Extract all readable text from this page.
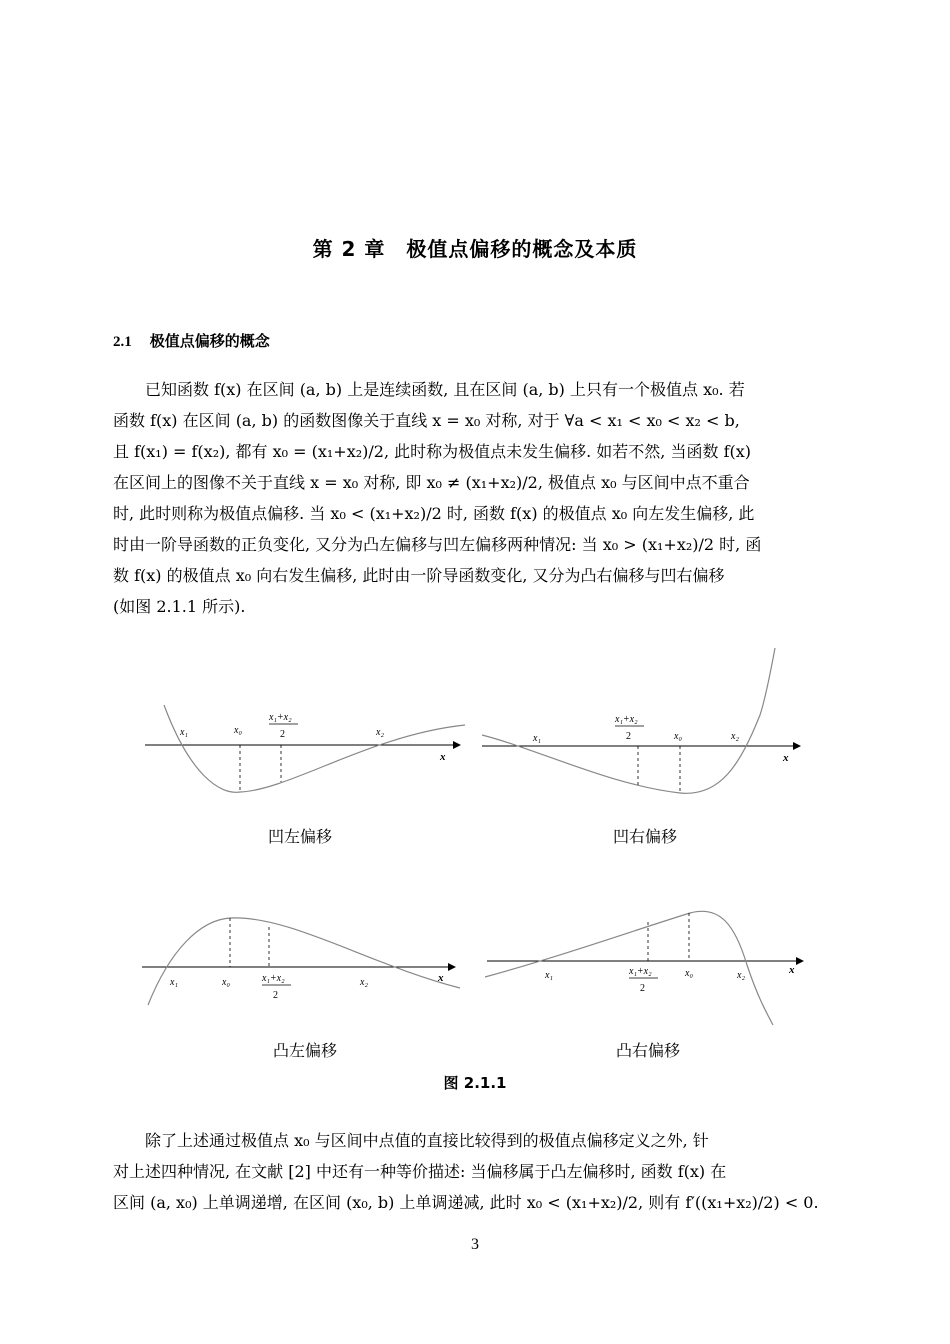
第 2 章　极值点偏移的概念及本质
2.1 极值点偏移的概念

　　已知函数 f(x) 在区间 (a, b) 上是连续函数, 且在区间 (a, b) 上只有一个极值点 x₀. 若

函数 f(x) 在区间 (a, b) 的函数图像关于直线 x = x₀ 对称, 对于 ∀a < x₁ < x₀ < x₂ < b,

且 f(x₁) = f(x₂), 都有 x₀ = (x₁+x₂)/2, 此时称为极值点未发生偏移. 如若不然, 当函数 f(x)

在区间上的图像不关于直线 x = x₀ 对称, 即 x₀ ≠ (x₁+x₂)/2, 极值点 x₀ 与区间中点不重合

时, 此时则称为极值点偏移. 当 x₀ < (x₁+x₂)/2 时, 函数 f(x) 的极值点 x₀ 向左发生偏移, 此

时由一阶导函数的正负变化, 又分为凸左偏移与凹左偏移两种情况: 当 x₀ > (x₁+x₂)/2 时, 函

数 f(x) 的极值点 x₀ 向右发生偏移, 此时由一阶导函数变化, 又分为凸右偏移与凹右偏移

(如图 2.1.1 所示).

x₁	x₀
x₁+x₂
2	x₂
x
凹左偏移
x₁
x₁+x₂
2	x₀	x₂
x
凹右偏移
x₁	x₀	x₁+x₂
2
x₂	x
凸左偏移
x₁	x₁+x₂
2
x₀	x₂	x
凸右偏移
图 2.1.1

　　除了上述通过极值点 x₀ 与区间中点值的直接比较得到的极值点偏移定义之外, 针

对上述四种情况, 在文献 [2] 中还有一种等价描述: 当偏移属于凸左偏移时, 函数 f(x) 在

区间 (a, x₀) 上单调递增, 在区间 (x₀, b) 上单调递减, 此时 x₀ < (x₁+x₂)/2, 则有 f′((x₁+x₂)/2) < 0.

3
